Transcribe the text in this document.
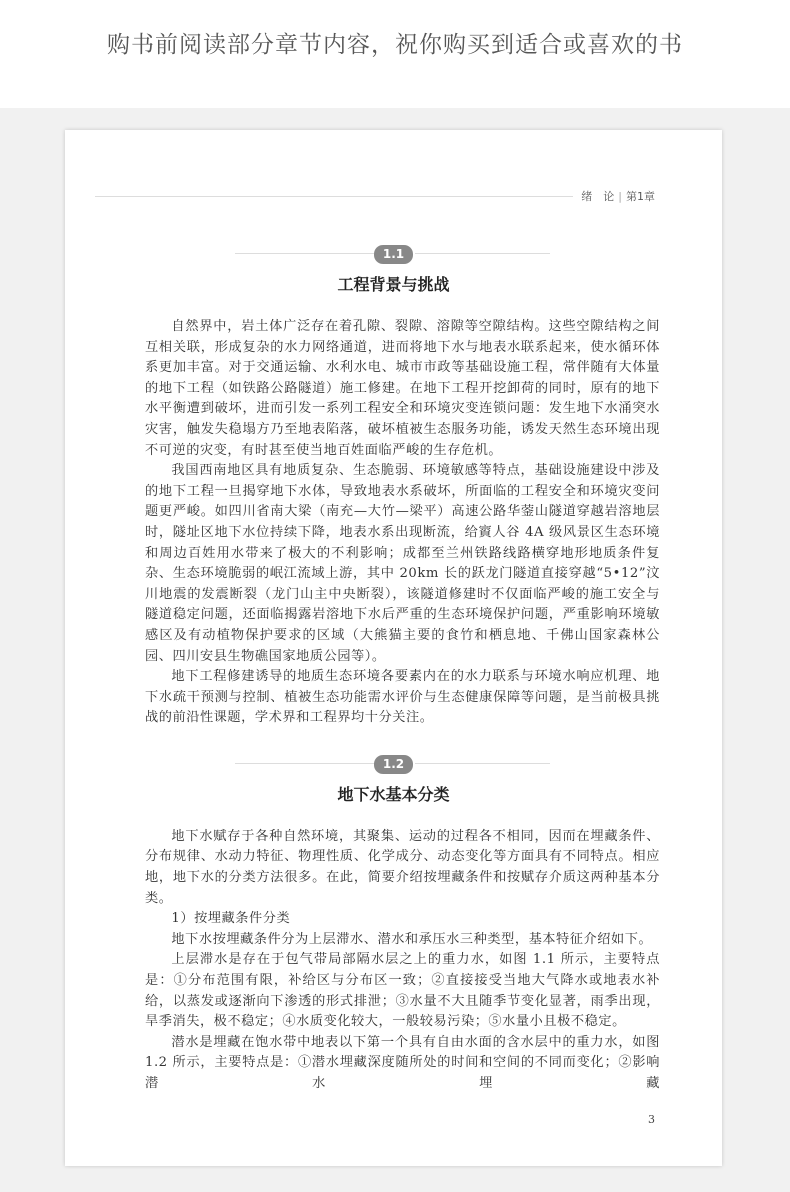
购书前阅读部分章节内容，祝你购买到适合或喜欢的书
绪　论 | 第1章
1.1
工程背景与挑战

自然界中，岩土体广泛存在着孔隙、裂隙、溶隙等空隙结构。这些空隙结构之间互相关联，形成复杂的水力网络通道，进而将地下水与地表水联系起来，使水循环体系更加丰富。对于交通运输、水利水电、城市市政等基础设施工程，常伴随有大体量的地下工程（如铁路公路隧道）施工修建。在地下工程开挖卸荷的同时，原有的地下水平衡遭到破坏，进而引发一系列工程安全和环境灾变连锁问题：发生地下水涌突水灾害，触发失稳塌方乃至地表陷落，破坏植被生态服务功能，诱发天然生态环境出现不可逆的灾变，有时甚至使当地百姓面临严峻的生存危机。

我国西南地区具有地质复杂、生态脆弱、环境敏感等特点，基础设施建设中涉及的地下工程一旦揭穿地下水体，导致地表水系破坏，所面临的工程安全和环境灾变问题更严峻。如四川省南大梁（南充—大竹—梁平）高速公路华蓥山隧道穿越岩溶地层时，隧址区地下水位持续下降，地表水系出现断流，给賨人谷 4A 级风景区生态环境和周边百姓用水带来了极大的不利影响；成都至兰州铁路线路横穿地形地质条件复杂、生态环境脆弱的岷江流域上游，其中 20km 长的跃龙门隧道直接穿越“5•12”汶川地震的发震断裂（龙门山主中央断裂），该隧道修建时不仅面临严峻的施工安全与隧道稳定问题，还面临揭露岩溶地下水后严重的生态环境保护问题，严重影响环境敏感区及有动植物保护要求的区域（大熊猫主要的食竹和栖息地、千佛山国家森林公园、四川安县生物礁国家地质公园等）。

地下工程修建诱导的地质生态环境各要素内在的水力联系与环境水响应机理、地下水疏干预测与控制、植被生态功能需水评价与生态健康保障等问题，是当前极具挑战的前沿性课题，学术界和工程界均十分关注。

1.2
地下水基本分类

地下水赋存于各种自然环境，其聚集、运动的过程各不相同，因而在埋藏条件、分布规律、水动力特征、物理性质、化学成分、动态变化等方面具有不同特点。相应地，地下水的分类方法很多。在此，简要介绍按埋藏条件和按赋存介质这两种基本分类。

1）按埋藏条件分类

地下水按埋藏条件分为上层滞水、潜水和承压水三种类型，基本特征介绍如下。

上层滞水是存在于包气带局部隔水层之上的重力水，如图 1.1 所示，主要特点是：①分布范围有限，补给区与分布区一致；②直接接受当地大气降水或地表水补给，以蒸发或逐渐向下渗透的形式排泄；③水量不大且随季节变化显著，雨季出现，旱季消失，极不稳定；④水质变化较大，一般较易污染；⑤水量小且极不稳定。

潜水是埋藏在饱水带中地表以下第一个具有自由水面的含水层中的重力水，如图 1.2 所示，主要特点是：①潜水埋藏深度随所处的时间和空间的不同而变化；②影响潜水埋藏

3
